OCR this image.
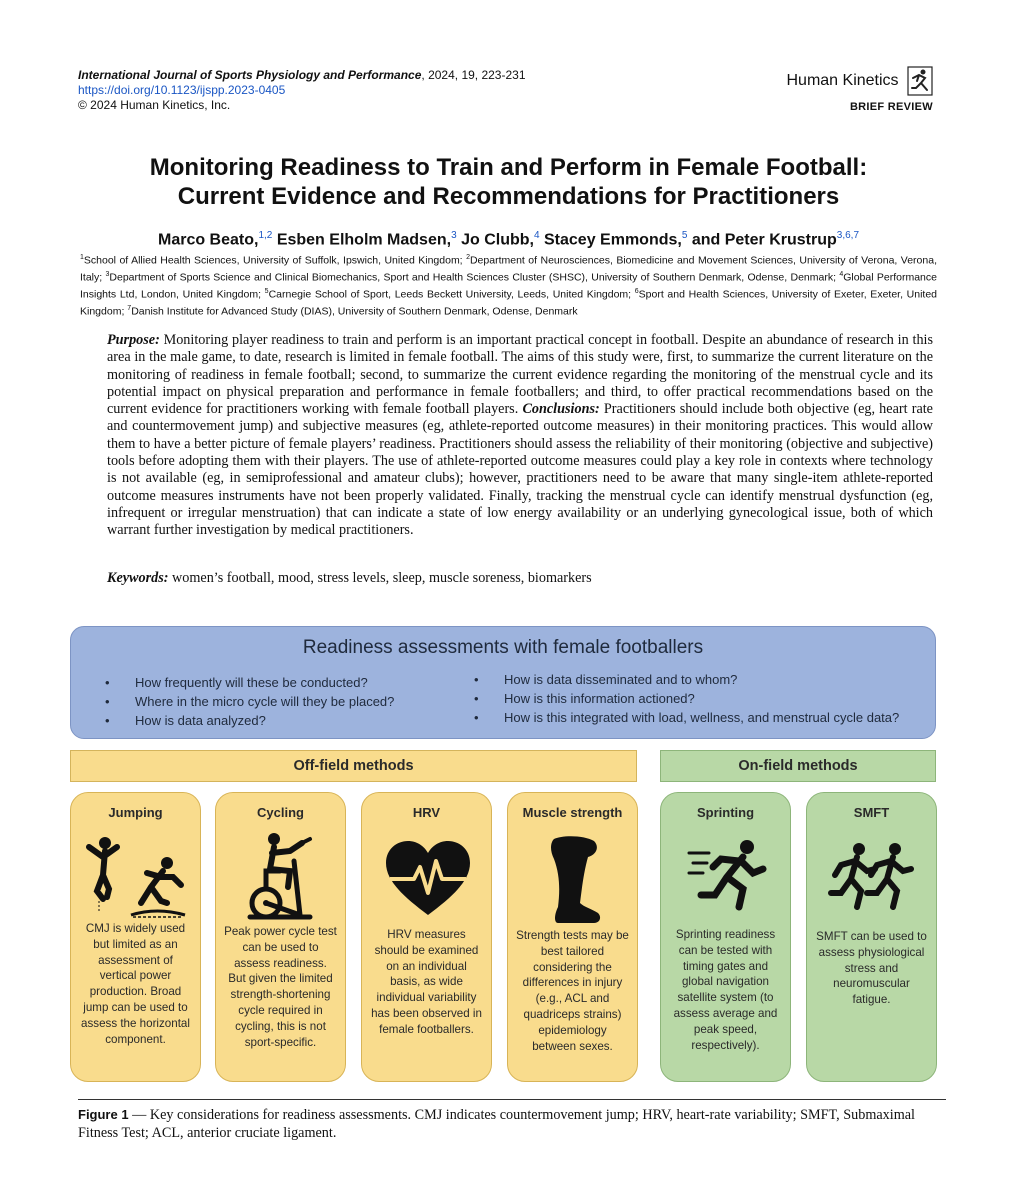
International Journal of Sports Physiology and Performance, 2024, 19, 223-231
https://doi.org/10.1123/ijspp.2023-0405
© 2024 Human Kinetics, Inc.
Human Kinetics
BRIEF REVIEW
Monitoring Readiness to Train and Perform in Female Football:
Current Evidence and Recommendations for Practitioners
Marco Beato,$^{1,2}$ Esben Elholm Madsen,$^3$ Jo Clubb,$^4$ Stacey Emmonds,$^5$ and Peter Krustrup$^{3,6,7}$
$^1$School of Allied Health Sciences, University of Suffolk, Ipswich, United Kingdom; $^2$Department of Neurosciences, Biomedicine and Movement Sciences, University of Verona, Verona, Italy; $^3$Department of Sports Science and Clinical Biomechanics, Sport and Health Sciences Cluster (SHSC), University of Southern Denmark, Odense, Denmark; $^4$Global Performance Insights Ltd, London, United Kingdom; $^5$Carnegie School of Sport, Leeds Beckett University, Leeds, United Kingdom; $^6$Sport and Health Sciences, University of Exeter, Exeter, United Kingdom; $^7$Danish Institute for Advanced Study (DIAS), University of Southern Denmark, Odense, Denmark
Purpose: Monitoring player readiness to train and perform is an important practical concept in football. Despite an abundance of research in this area in the male game, to date, research is limited in female football. The aims of this study were, first, to summarize the current literature on the monitoring of readiness in female football; second, to summarize the current evidence regarding the monitoring of the menstrual cycle and its potential impact on physical preparation and performance in female footballers; and third, to offer practical recommendations based on the current evidence for practitioners working with female football players. Conclusions: Practitioners should include both objective (eg, heart rate and countermovement jump) and subjective measures (eg, athlete-reported outcome measures) in their monitoring practices. This would allow them to have a better picture of female players’ readiness. Practitioners should assess the reliability of their monitoring (objective and subjective) tools before adopting them with their players. The use of athlete-reported outcome measures could play a key role in contexts where technology is not available (eg, in semiprofessional and amateur clubs); however, practitioners need to be aware that many single-item athlete-reported outcome measures instruments have not been properly validated. Finally, tracking the menstrual cycle can identify menstrual dysfunction (eg, infrequent or irregular menstruation) that can indicate a state of low energy availability or an underlying gynecological issue, both of which warrant further investigation by medical practitioners.
Keywords: women’s football, mood, stress levels, sleep, muscle soreness, biomarkers
Readiness assessments with female footballers
• How frequently will these be conducted?
• Where in the micro cycle will they be placed?
• How is data analyzed?
• How is data disseminated and to whom?
• How is this information actioned?
• How is this integrated with load, wellness, and menstrual cycle data?
Off-field methods	On-field methods
Jumping
CMJ is widely used but limited as an assessment of vertical power production. Broad jump can be used to assess the horizontal component.
Cycling
Peak power cycle test can be used to assess readiness. But given the limited strength-shortening cycle required in cycling, this is not sport-specific.
HRV
HRV measures should be examined on an individual basis, as wide individual variability has been observed in female footballers.
Muscle strength
Strength tests may be best tailored considering the differences in injury (e.g., ACL and quadriceps strains) epidemiology between sexes.
Sprinting
Sprinting readiness can be tested with timing gates and global navigation satellite system (to assess average and peak speed, respectively).
SMFT
SMFT can be used to assess physiological stress and neuromuscular fatigue.
Figure 1 — Key considerations for readiness assessments. CMJ indicates countermovement jump; HRV, heart-rate variability; SMFT, Submaximal Fitness Test; ACL, anterior cruciate ligament.
